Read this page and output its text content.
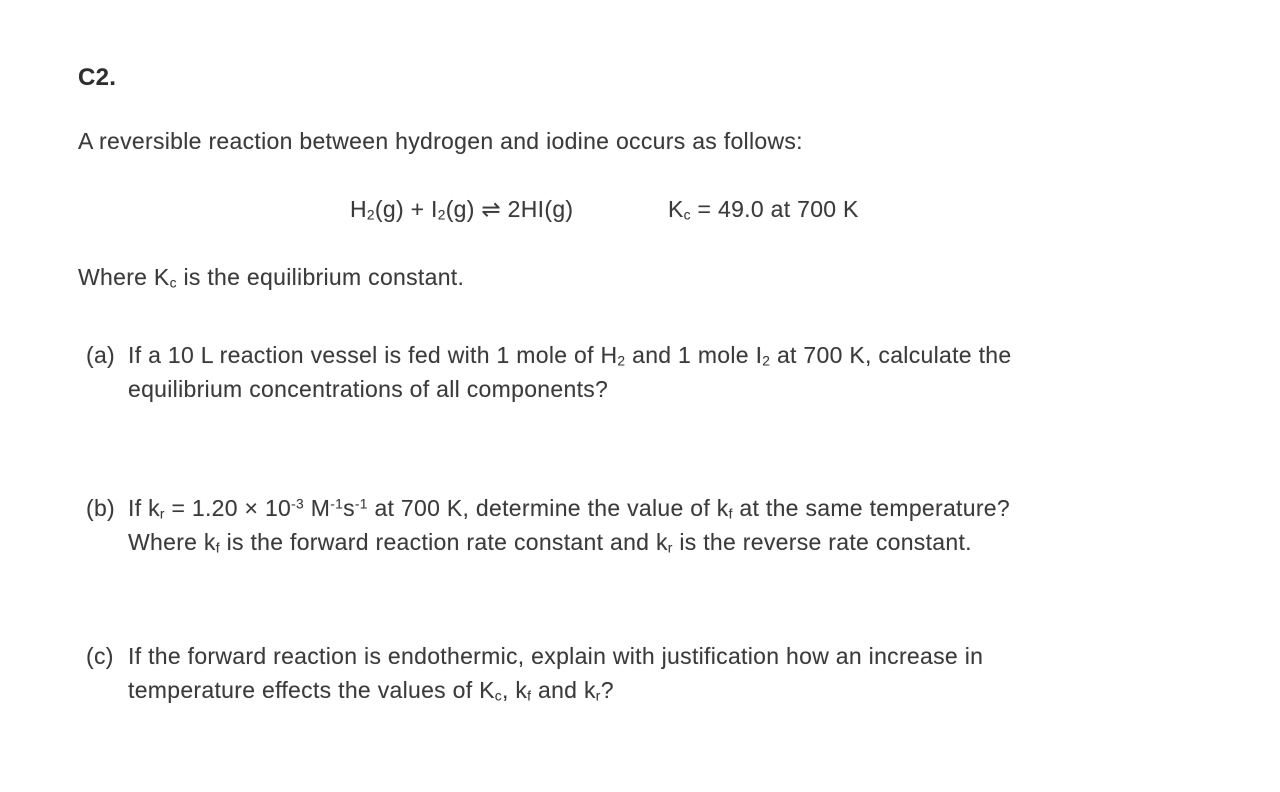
C2.
A reversible reaction between hydrogen and iodine occurs as follows:
$H_2(g) + I_2(g)$ ⇌ 2HI(g)	$K_c = 49.0$ at 700 K
Where $K_c$ is the equilibrium constant.
(a) If a 10 L reaction vessel is fed with 1 mole of $H_2$ and 1 mole $I_2$ at 700 K, calculate the
equilibrium concentrations of all components?
(b) If $k_r = 1.20 \times 10^{-3}$ $M^{-1}s^{-1}$ at 700 K, determine the value of $k_f$ at the same temperature?
Where $k_f$ is the forward reaction rate constant and $k_r$ is the reverse rate constant.
(c) If the forward reaction is endothermic, explain with justification how an increase in
temperature effects the values of $K_c$, $k_f$ and $k_r$?
